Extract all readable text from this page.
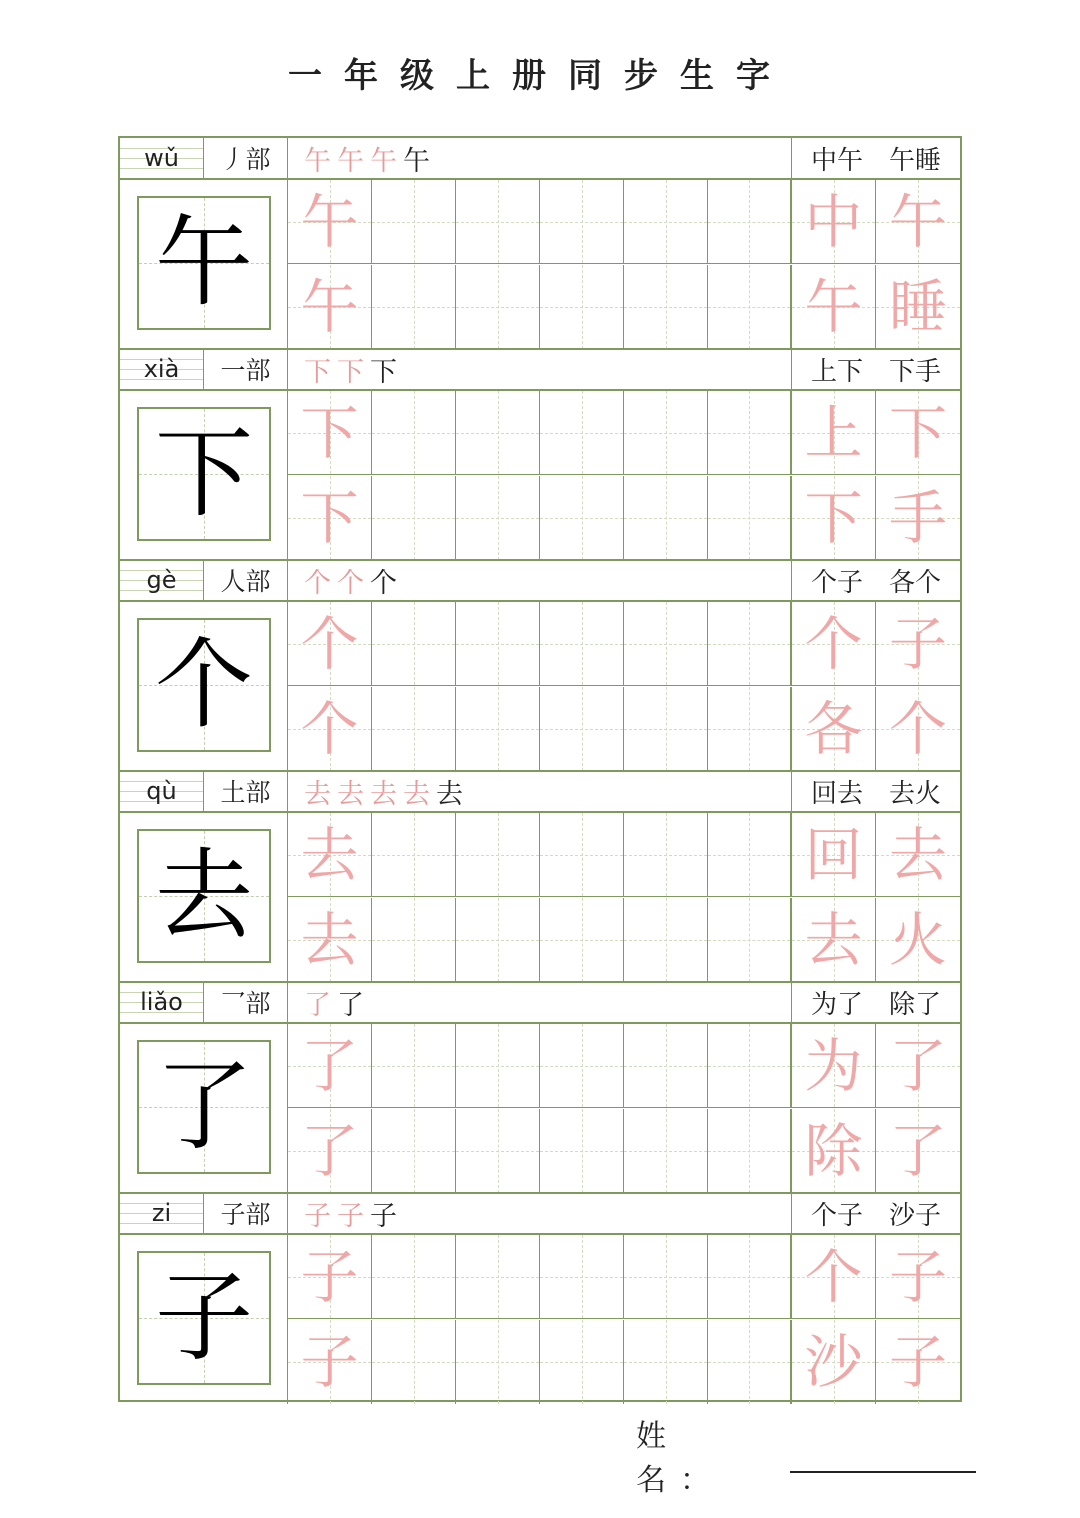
一年级上册同步生字
wǔ	丿部	午 午 午 午	中午 午睡
午 午	中 午
午	午 睡
xià	一部	下 下 下	上下 下手
下 下	上 下
下	下 手
gè	人部	个 个 个	个子 各个
个 个	个 子
个	各 个
qù	土部	去 去 去 去 去	回去 去火
去 去	回 去
去	去 火
liǎo	乛部	了 了	为了 除了
了 了	为 了
了	除 了
zi	子部	子 子 子	个子 沙子
子 子	个 子
子	沙 子
姓 名：
